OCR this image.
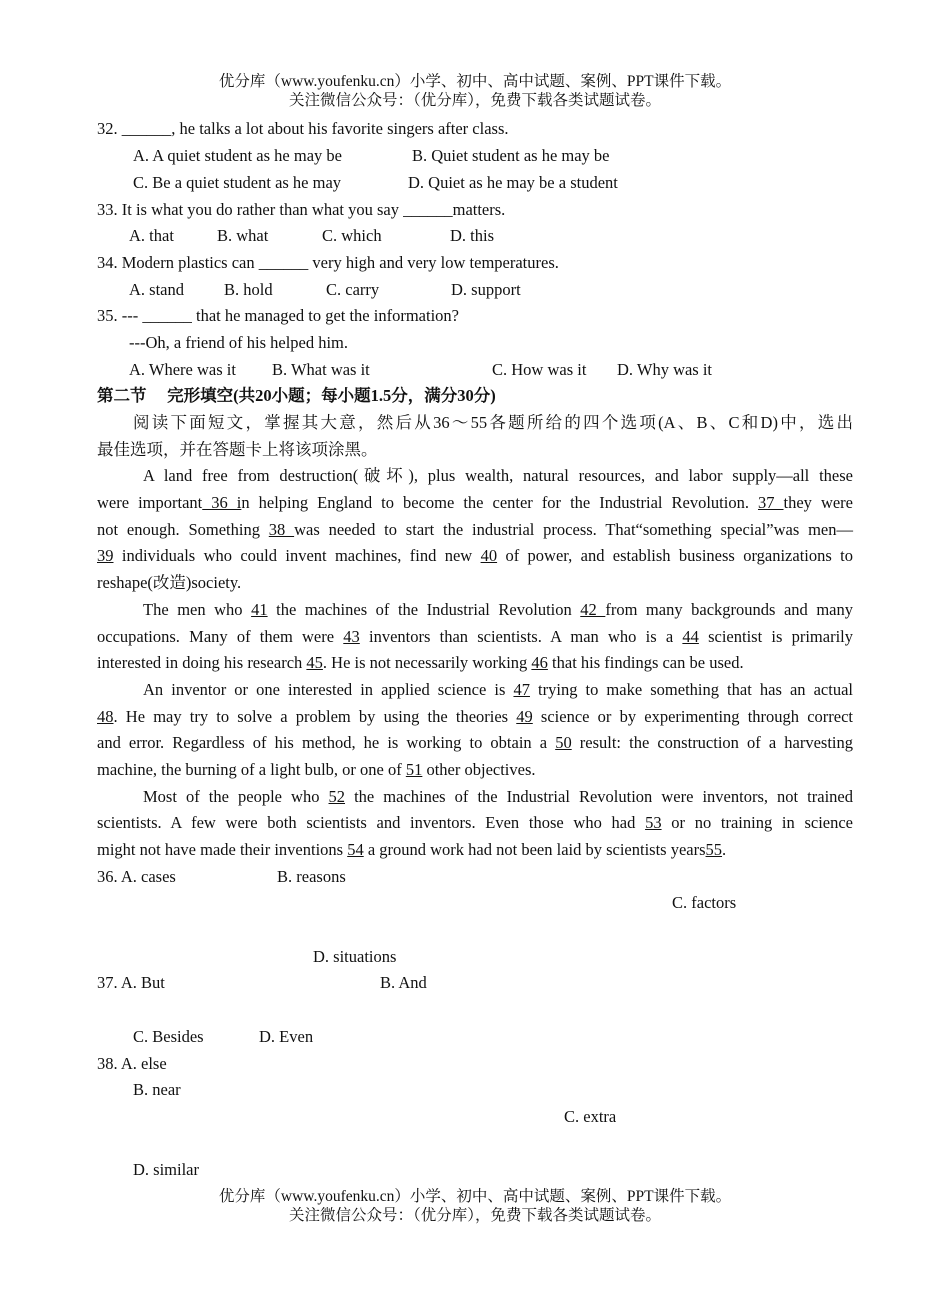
优分库（www.youfenku.cn）小学、初中、高中试题、案例、PPT课件下载。
关注微信公众号：（优分库），免费下载各类试题试卷。
32. ______, he talks a lot about his favorite singers after class.
A. A quiet student as he may be	B. Quiet student as he may be
C. Be a quiet student as he may	D. Quiet as he may be a student
33. It is what you do rather than what you say ______matters.
A. that	B. what	C. which	D. this
34. Modern plastics can ______ very high and very low temperatures.
A. stand B. hold	C. carry	D. support
35. --- ______ that he managed to get the information?
---Oh, a friend of his helped him.
A. Where was it B. What was it	C. How was it D. Why was it
第二节　 完形填空(共20小题；每小题1.5分，满分30分)
阅读下面短文，掌握其大意，然后从36～55各题所给的四个选项(A、B、C和D)中，选出
最佳选项，并在答题卡上将该项涂黑。
A land free from destruction(破坏), plus wealth, natural resources, and labor supply—all these
were important 36 in helping England to become the center for the Industrial Revolution. 37 they were
not enough. Something 38 was needed to start the industrial process. That“something special”was men—
39 individuals who could invent machines, find new 40 of power, and establish business organizations to
reshape(改造)society.
The men who 41 the machines of the Industrial Revolution 42 from many backgrounds and many
occupations. Many of them were 43 inventors than scientists. A man who is a 44 scientist is primarily
interested in doing his research 45. He is not necessarily working 46 that his findings can be used.
An inventor or one interested in applied science is 47 trying to make something that has an actual
48. He may try to solve a problem by using the theories 49 science or by experimenting through correct
and error. Regardless of his method, he is working to obtain a 50 result: the construction of a harvesting
machine, the burning of a light bulb, or one of 51 other objectives.
Most of the people who 52 the machines of the Industrial Revolution were inventors, not trained
scientists. A few were both scientists and inventors. Even those who had 53 or no training in science
might not have made their inventions 54 a ground work had not been laid by scientists years55.
36. A. cases	B. reasons
C. factors
D. situations
37. A. But	B. And
C. Besides	D. Even
38. A. else
B. near
C. extra
D. similar
优分库（www.youfenku.cn）小学、初中、高中试题、案例、PPT课件下载。
关注微信公众号：（优分库），免费下载各类试题试卷。
